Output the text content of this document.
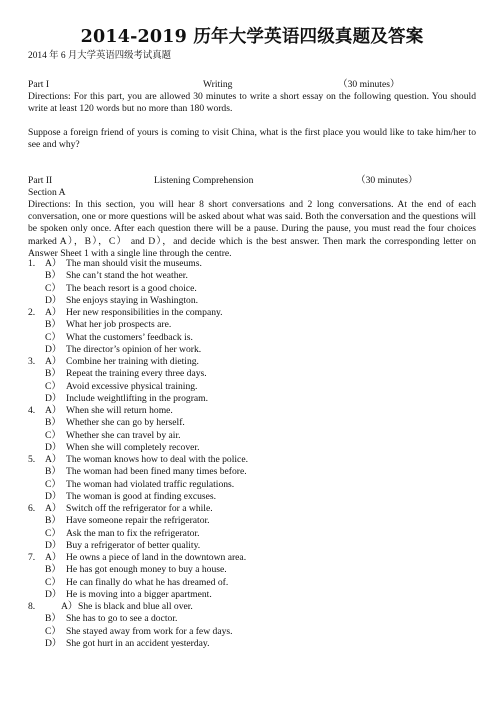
2014-2019 历年大学英语四级真题及答案
2014 年 6 月大学英语四级考试真题
Part I	Writing	（30 minutes）

Directions: For this part, you are allowed 30 minutes to write a short essay on the following question. You should write at least 120 words but no more than 180 words.

Suppose a foreign friend of yours is coming to visit China, what is the first place you would like to take him/her to see and why?

Part II	Listening Comprehension	（30 minutes）
Section A

Directions: In this section, you will hear 8 short conversations and 2 long conversations. At the end of each conversation, one or more questions will be asked about what was said. Both the conversation and the questions will be spoken only once. After each question there will be a pause. During the pause, you must read the four choices marked A），B），C） and D），and decide which is the best answer. Then mark the corresponding letter on Answer Sheet 1 with a single line through the centre.

1. A） The man should visit the museums.
B） She can’t stand the hot weather.
C） The beach resort is a good choice.
D） She enjoys staying in Washington.
2. A） Her new responsibilities in the company.
B） What her job prospects are.
C） What the customers’ feedback is.
D） The director’s opinion of her work.
3. A） Combine her training with dieting.
B） Repeat the training every three days.
C） Avoid excessive physical training.
D） Include weightlifting in the program.
4. A） When she will return home.
B） Whether she can go by herself.
C） Whether she can travel by air.
D） When she will completely recover.
5. A） The woman knows how to deal with the police.
B） The woman had been fined many times before.
C） The woman had violated traffic regulations.
D） The woman is good at finding excuses.
6. A） Switch off the refrigerator for a while.
B） Have someone repair the refrigerator.
C） Ask the man to fix the refrigerator.
D） Buy a refrigerator of better quality.
7. A） He owns a piece of land in the downtown area.
B） He has got enough money to buy a house.
C） He can finally do what he has dreamed of.
D） He is moving into a bigger apartment.
8.	A） She is black and blue all over.
B） She has to go to see a doctor.
C） She stayed away from work for a few days.
D） She got hurt in an accident yesterday.
